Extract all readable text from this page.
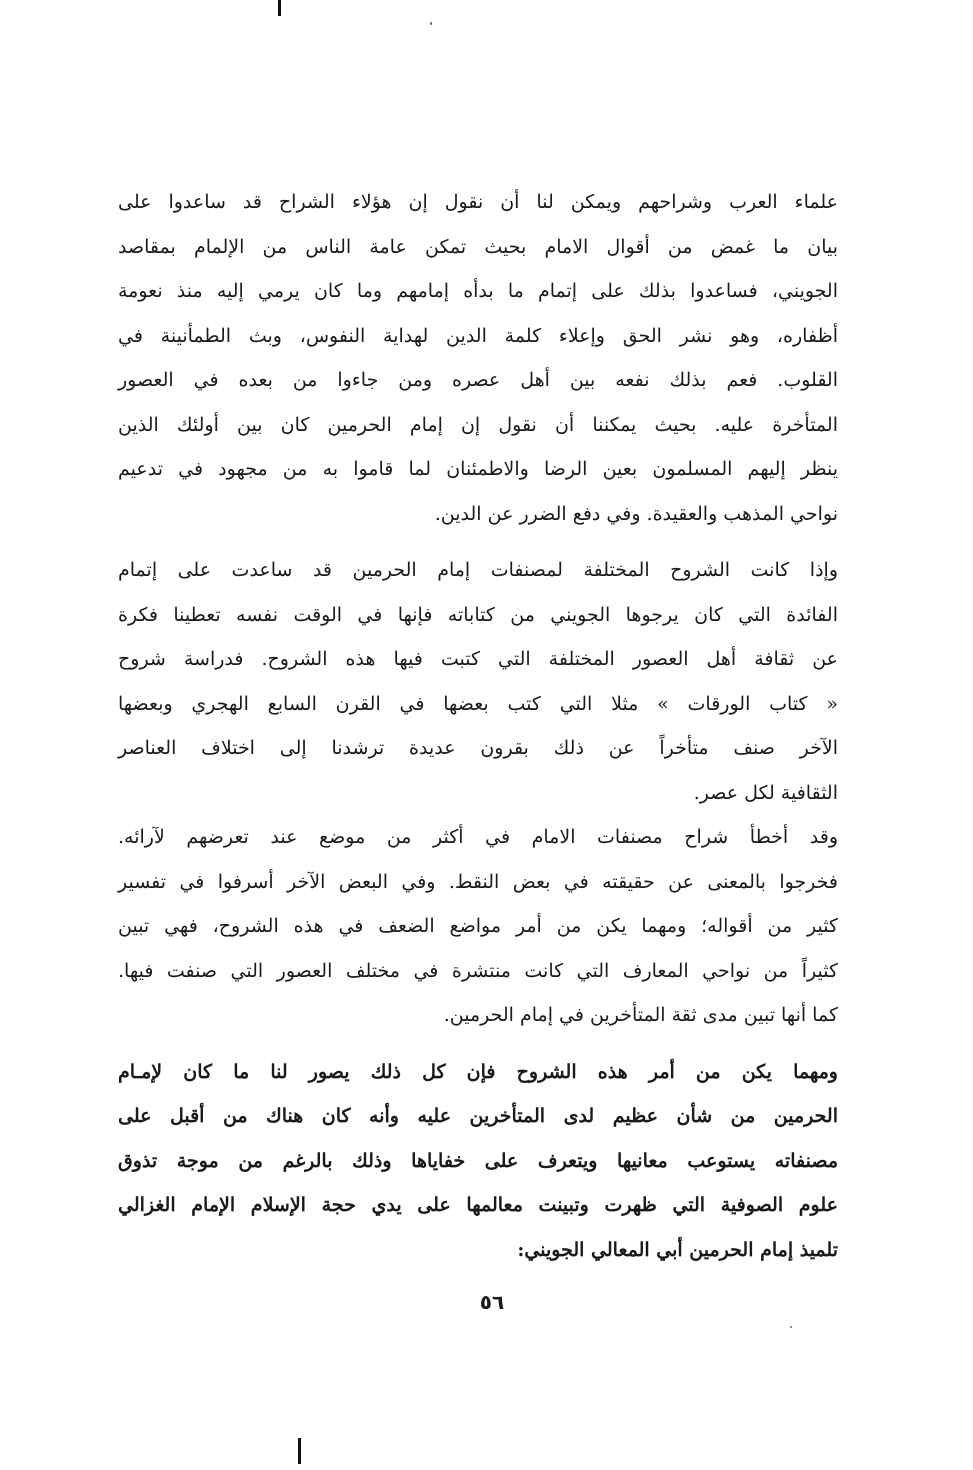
علماء العرب وشراحهم ويمكن لنا أن نقول إن هؤلاء الشراح قد ساعدوا على
بيان ما غمض من أقوال الامام بحيث تمكن عامة الناس من الإلمام بمقاصد
الجويني، فساعدوا بذلك على إتمام ما بدأه إمامهم وما كان يرمي إليه منذ نعومة
أظفاره، وهو نشر الحق وإعلاء كلمة الدين لهداية النفوس، وبث الطمأنينة في
القلوب. فعم بذلك نفعه بين أهل عصره ومن جاءوا من بعده في العصور
المتأخرة عليه. بحيث يمكننا أن نقول إن إمام الحرمين كان بين أولئك الذين
ينظر إليهم المسلمون بعين الرضا والاطمئنان لما قاموا به من مجهود في تدعيم
نواحي المذهب والعقيدة. وفي دفع الضرر عن الدين.
وإذا كانت الشروح المختلفة لمصنفات إمام الحرمين قد ساعدت على إتمام
الفائدة التي كان يرجوها الجويني من كتاباته فإنها في الوقت نفسه تعطينا فكرة
عن ثقافة أهل العصور المختلفة التي كتبت فيها هذه الشروح. فدراسة شروح
« كتاب الورقات » مثلا التي كتب بعضها في القرن السابع الهجري وبعضها
الآخر صنف متأخراً عن ذلك بقرون عديدة ترشدنا إلى اختلاف العناصر
الثقافية لكل عصر.
وقد أخطأ شراح مصنفات الامام في أكثر من موضع عند تعرضهم لآرائه.
فخرجوا بالمعنى عن حقيقته في بعض النقط. وفي البعض الآخر أسرفوا في تفسير
كثير من أقواله؛ ومهما يكن من أمر مواضع الضعف في هذه الشروح، فهي تبين
كثيراً من نواحي المعارف التي كانت منتشرة في مختلف العصور التي صنفت فيها.
كما أنها تبين مدى ثقة المتأخرين في إمام الحرمين.
ومهما يكن من أمر هذه الشروح فإن كل ذلك يصور لنا ما كان لإمـام
الحرمين من شأن عظيم لدى المتأخرين عليه وأنه كان هناك من أقبل على
مصنفاته يستوعب معانيها ويتعرف على خفاياها وذلك بالرغم من موجة تذوق
علوم الصوفية التي ظهرت وتبينت معالمها على يدي حجة الإسلام الإمام الغزالي
تلميذ إمام الحرمين أبي المعالي الجويني:
٥٦
